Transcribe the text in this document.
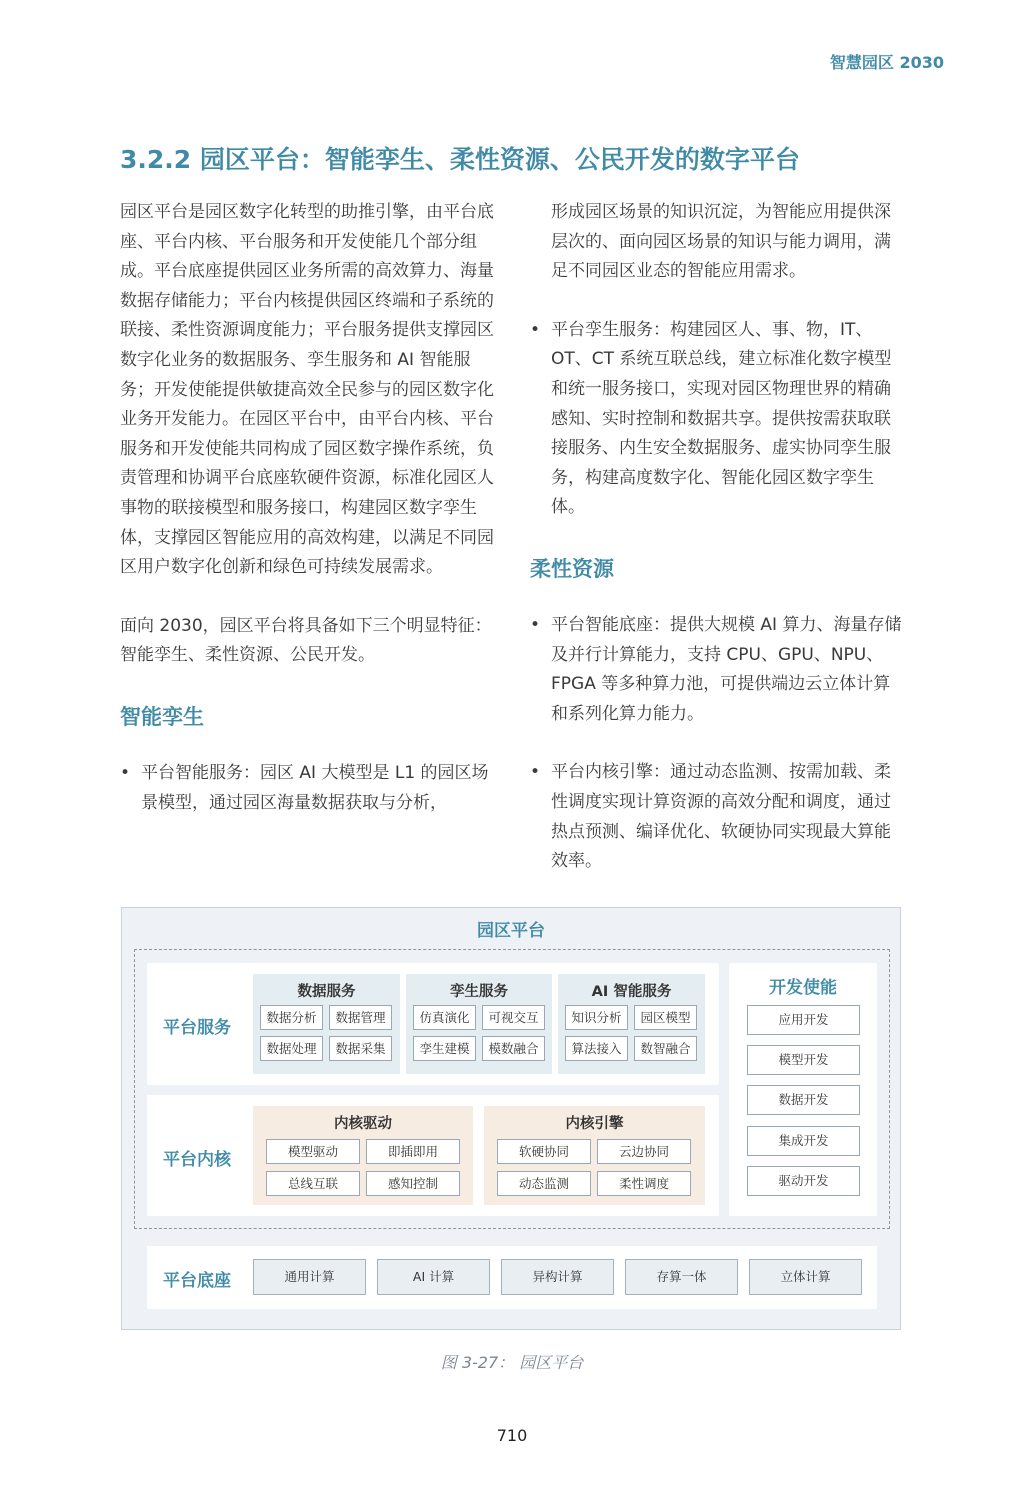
智慧园区 2030
3.2.2 园区平台：智能孪生、柔性资源、公民开发的数字平台

园区平台是园区数字化转型的助推引擎，由平台底座、平台内核、平台服务和开发使能几个部分组成。平台底座提供园区业务所需的高效算力、海量数据存储能力；平台内核提供园区终端和子系统的联接、柔性资源调度能力；平台服务提供支撑园区数字化业务的数据服务、孪生服务和 AI 智能服务；开发使能提供敏捷高效全民参与的园区数字化业务开发能力。在园区平台中，由平台内核、平台服务和开发使能共同构成了园区数字操作系统，负责管理和协调平台底座软硬件资源，标准化园区人事物的联接模型和服务接口，构建园区数字孪生体，支撑园区智能应用的高效构建，以满足不同园区用户数字化创新和绿色可持续发展需求。

面向 2030，园区平台将具备如下三个明显特征：智能孪生、柔性资源、公民开发。

智能孪生
• 平台智能服务：园区 AI 大模型是 L1 的园区场景模型，通过园区海量数据获取与分析，

形成园区场景的知识沉淀，为智能应用提供深层次的、面向园区场景的知识与能力调用，满足不同园区业态的智能应用需求。

• 平台孪生服务：构建园区人、事、物，IT、OT、CT 系统互联总线，建立标准化数字模型和统一服务接口，实现对园区物理世界的精确感知、实时控制和数据共享。提供按需获取联接服务、内生安全数据服务、虚实协同孪生服务，构建高度数字化、智能化园区数字孪生体。
柔性资源
• 平台智能底座：提供大规模 AI 算力、海量存储及并行计算能力，支持 CPU、GPU、NPU、FPGA 等多种算力池，可提供端边云立体计算和系列化算力能力。
• 平台内核引擎：通过动态监测、按需加载、柔性调度实现计算资源的高效分配和调度，通过热点预测、编译优化、软硬协同实现最大算能效率。
园区平台
平台服务
数据服务
数据分析	数据管理
数据处理	数据采集
孪生服务
仿真演化	可视交互
孪生建模	模数融合
AI 智能服务
知识分析	园区模型
算法接入	数智融合
平台内核
内核驱动
模型驱动	即插即用
总线互联	感知控制
内核引擎
软硬协同	云边协同
动态监测	柔性调度
开发使能
应用开发
模型开发
数据开发
集成开发
驱动开发
平台底座	通用计算	AI 计算	异构计算	存算一体	立体计算
图 3-27： 园区平台
710
